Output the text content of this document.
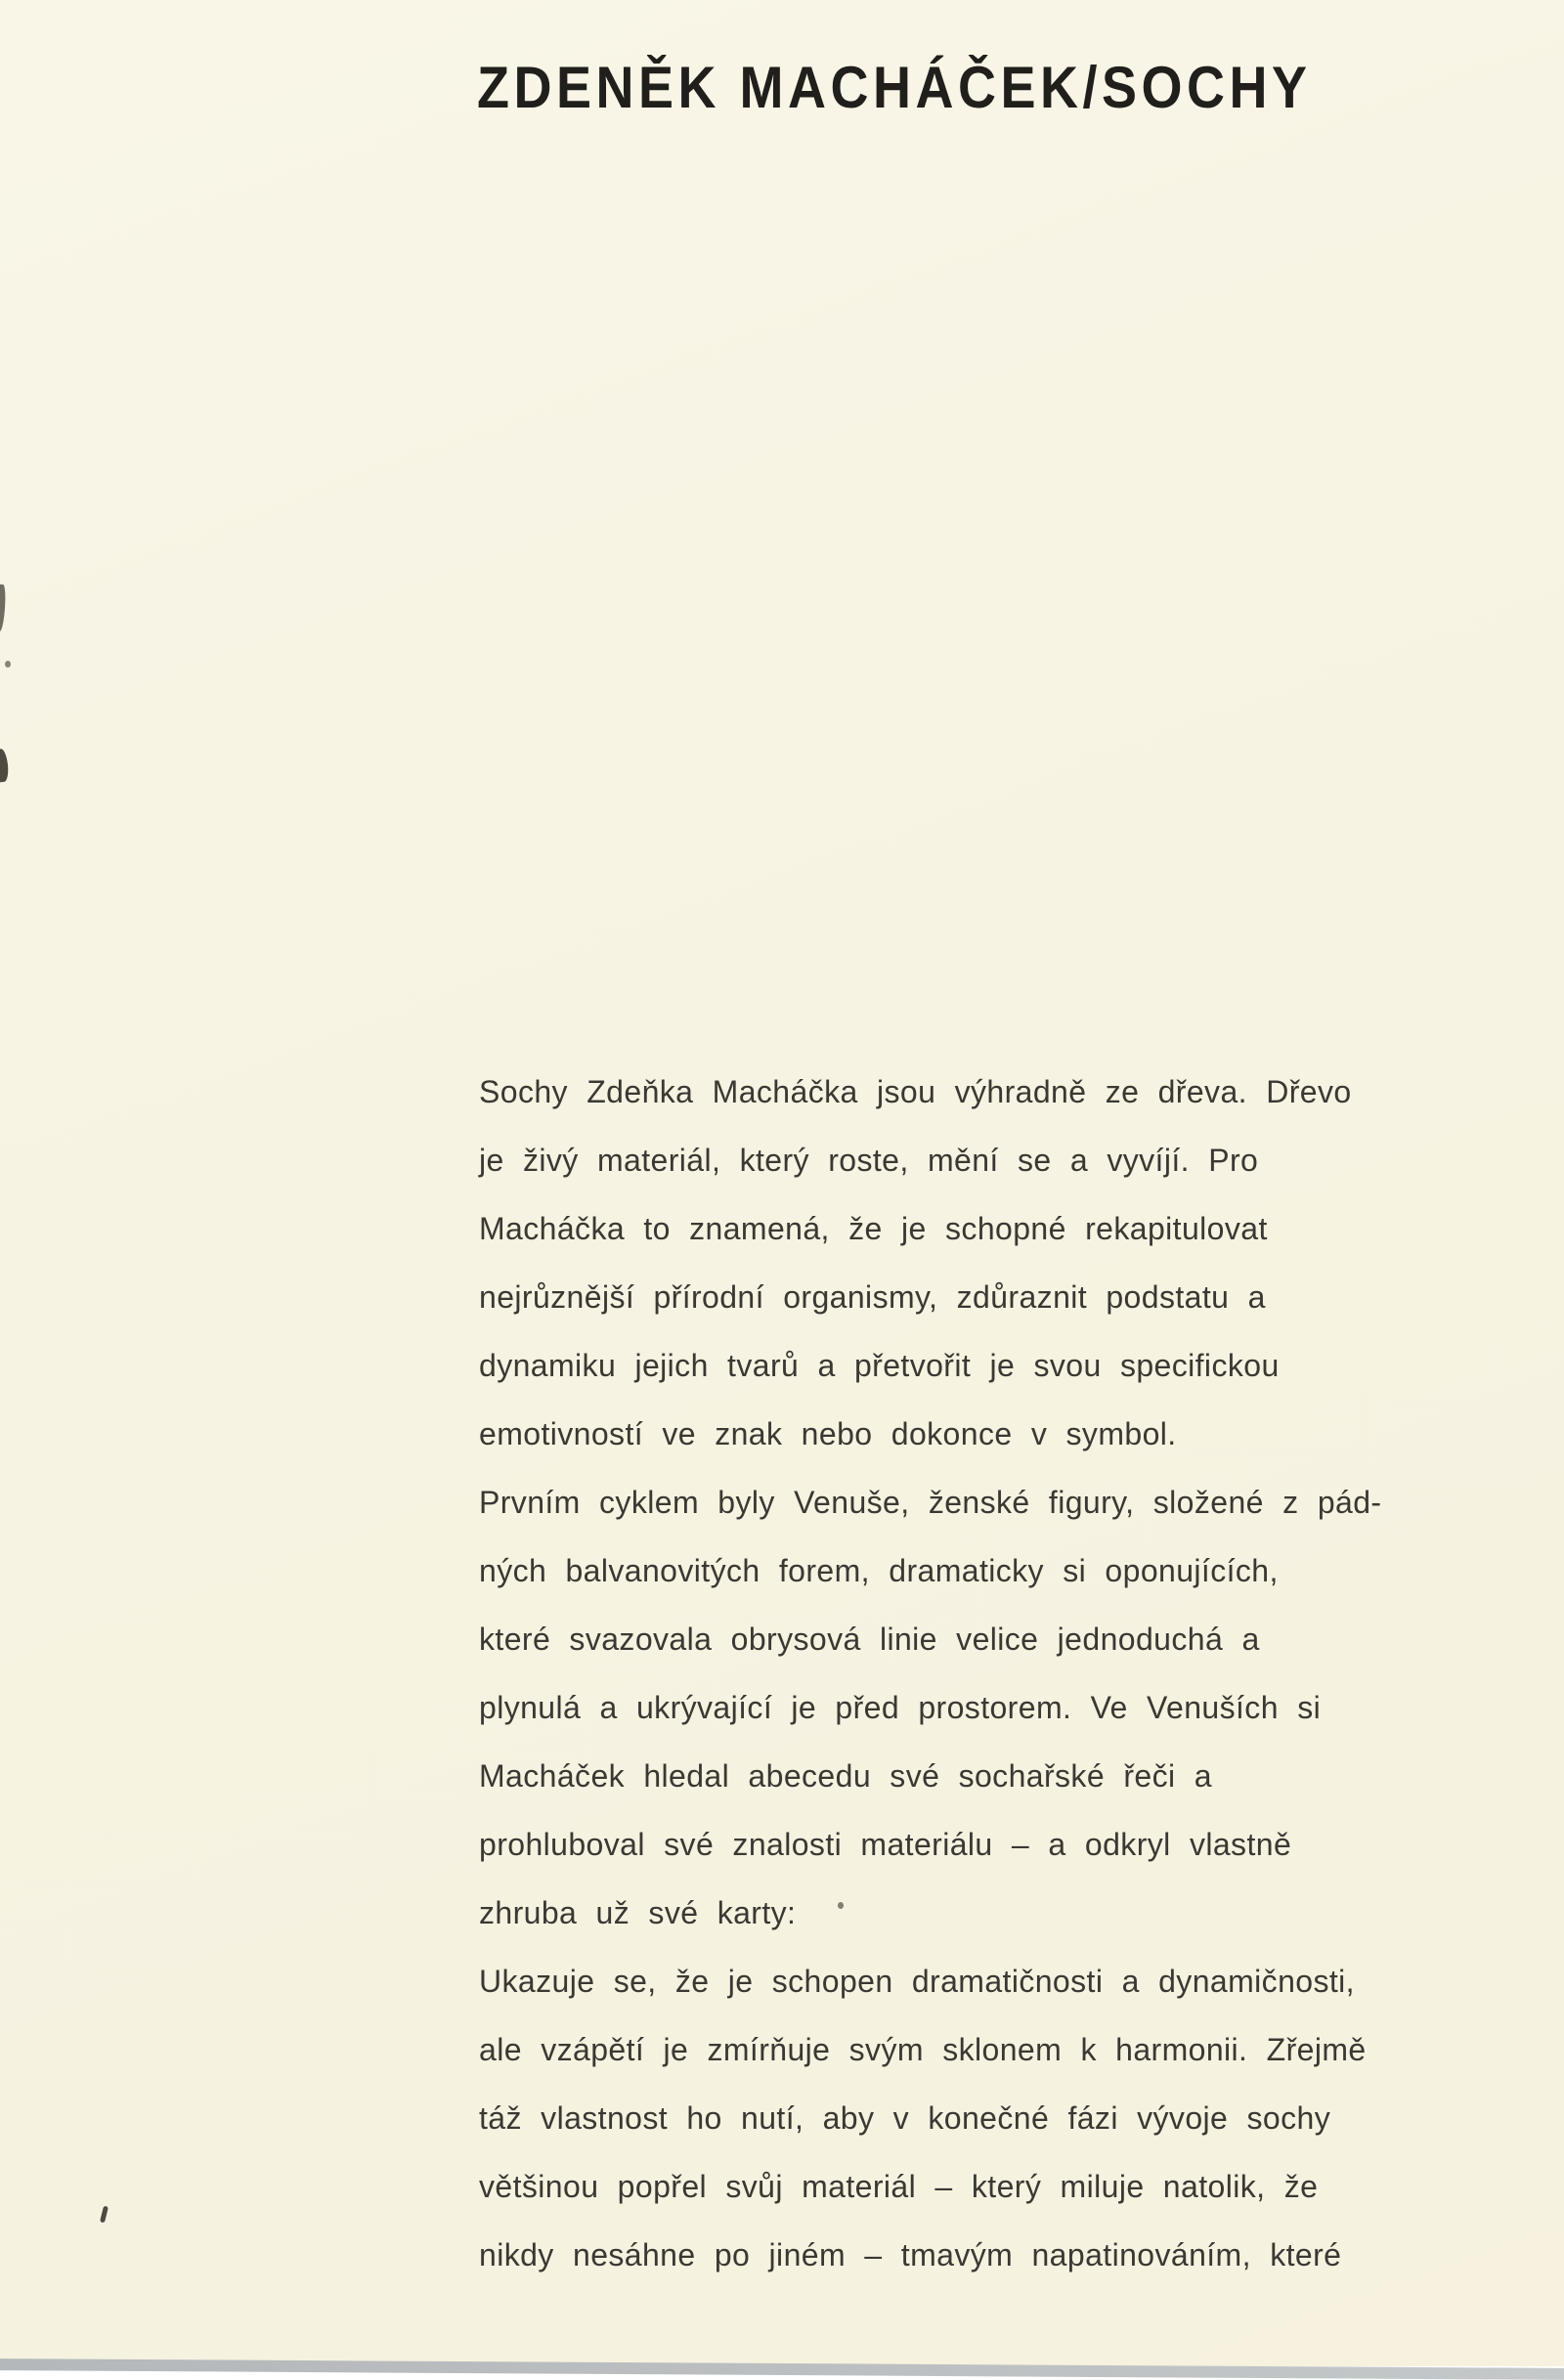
ZDENĚK MACHÁČEK/SOCHY
Sochy Zdeňka Macháčka jsou výhradně ze dřeva. Dřevo
je živý materiál, který roste, mění se a vyvíjí. Pro
Macháčka to znamená, že je schopné rekapitulovat
nejrůznější přírodní organismy, zdůraznit podstatu a
dynamiku jejich tvarů a přetvořit je svou specifickou
emotivností ve znak nebo dokonce v symbol.
Prvním cyklem byly Venuše, ženské figury, složené z pád-
ných balvanovitých forem, dramaticky si oponujících,
které svazovala obrysová linie velice jednoduchá a
plynulá a ukrývající je před prostorem. Ve Venuších si
Macháček hledal abecedu své sochařské řeči a
prohluboval své znalosti materiálu – a odkryl vlastně
zhruba už své karty:
Ukazuje se, že je schopen dramatičnosti a dynamičnosti,
ale vzápětí je zmírňuje svým sklonem k harmonii. Zřejmě
táž vlastnost ho nutí, aby v konečné fázi vývoje sochy
většinou popřel svůj materiál – který miluje natolik, že
nikdy nesáhne po jiném – tmavým napatinováním, které
